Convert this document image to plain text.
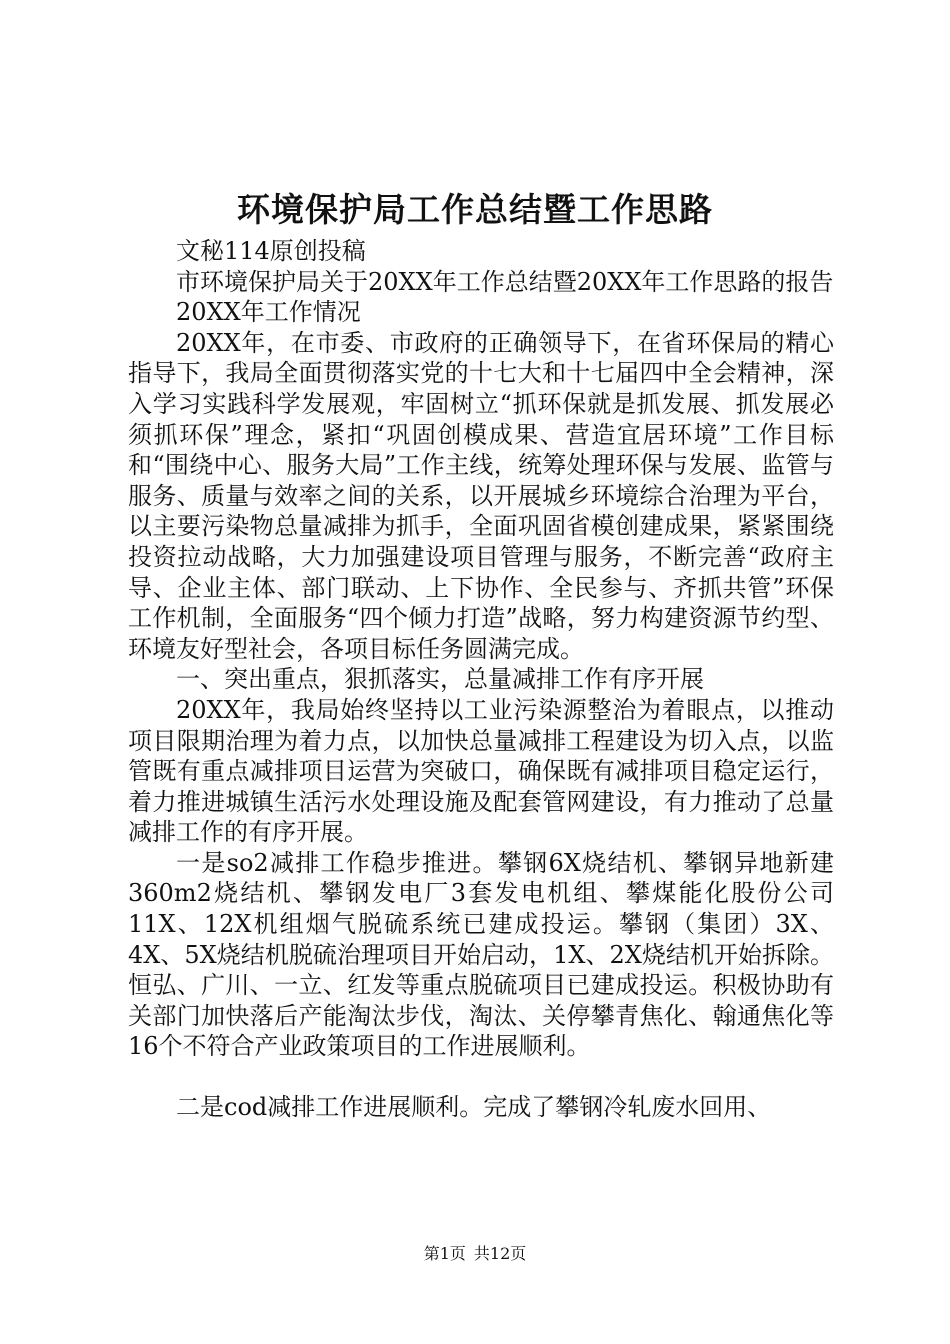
环境保护局工作总结暨工作思路

文秘114原创投稿

市环境保护局关于20XX年工作总结暨20XX年工作思路的报告

20XX年工作情况

20XX年，在市委、市政府的正确领导下，在省环保局的精心指导下，我局全面贯彻落实党的十七大和十七届四中全会精神，深入学习实践科学发展观，牢固树立“抓环保就是抓发展、抓发展必须抓环保”理念，紧扣“巩固创模成果、营造宜居环境”工作目标和“围绕中心、服务大局”工作主线，统筹处理环保与发展、监管与服务、质量与效率之间的关系，以开展城乡环境综合治理为平台，以主要污染物总量减排为抓手，全面巩固省模创建成果，紧紧围绕投资拉动战略，大力加强建设项目管理与服务，不断完善“政府主导、企业主体、部门联动、上下协作、全民参与、齐抓共管”环保工作机制，全面服务“四个倾力打造”战略，努力构建资源节约型、环境友好型社会，各项目标任务圆满完成。

一、突出重点，狠抓落实，总量减排工作有序开展

20XX年，我局始终坚持以工业污染源整治为着眼点，以推动项目限期治理为着力点，以加快总量减排工程建设为切入点，以监管既有重点减排项目运营为突破口，确保既有减排项目稳定运行，着力推进城镇生活污水处理设施及配套管网建设，有力推动了总量减排工作的有序开展。

一是so2减排工作稳步推进。攀钢6X烧结机、攀钢异地新建360m2烧结机、攀钢发电厂3套发电机组、攀煤能化股份公司11X、12X机组烟气脱硫系统已建成投运。攀钢（集团）3X、4X、5X烧结机脱硫治理项目开始启动，1X、2X烧结机开始拆除。恒弘、广川、一立、红发等重点脱硫项目已建成投运。积极协助有关部门加快落后产能淘汰步伐，淘汰、关停攀青焦化、翰通焦化等16个不符合产业政策项目的工作进展顺利。

二是cod减排工作进展顺利。完成了攀钢冷轧废水回用、

第1页 共12页
